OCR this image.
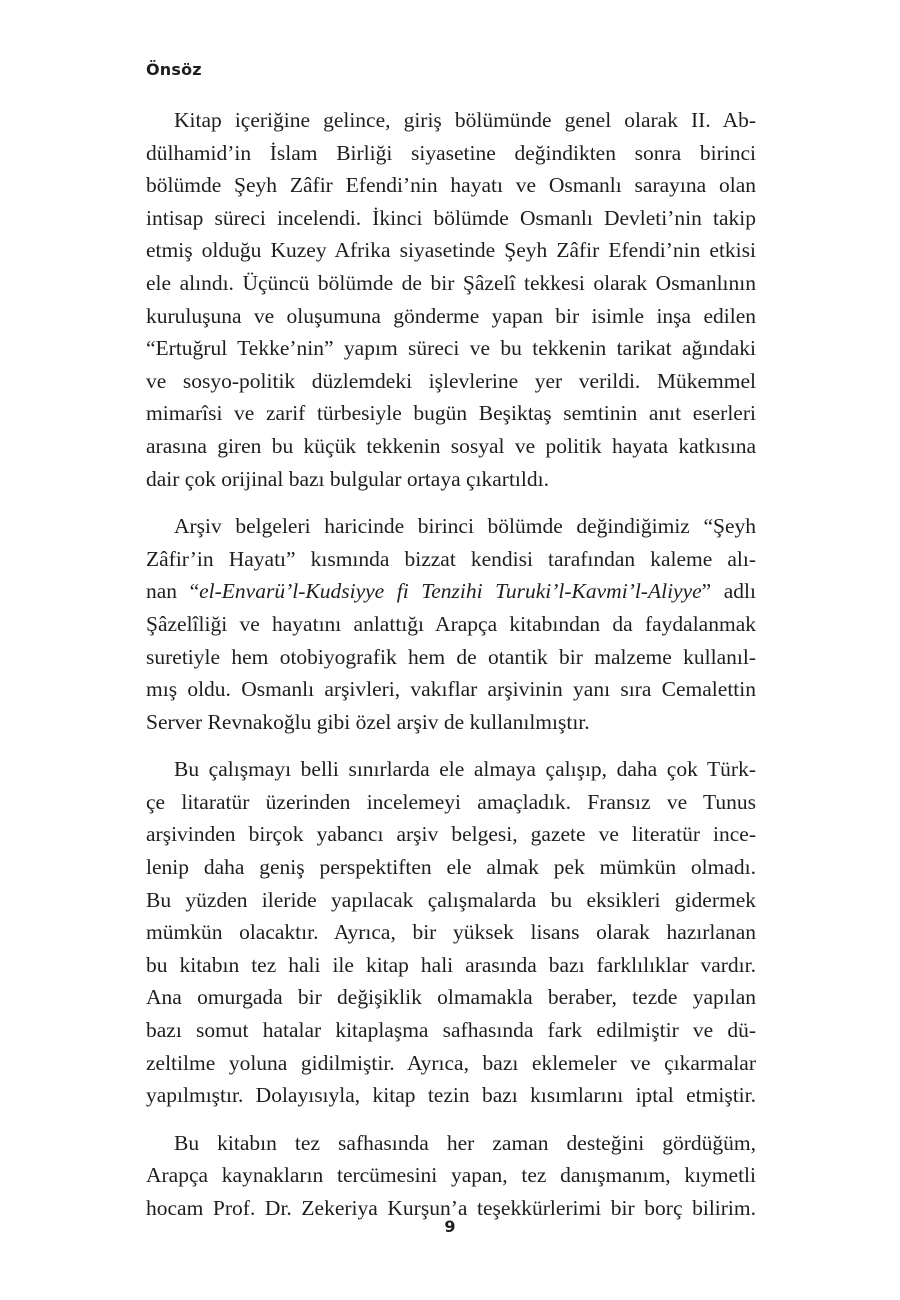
Önsöz

Kitap içeriğine gelince, giriş bölümünde genel olarak II. Ab-
dülhamid’in İslam Birliği siyasetine değindikten sonra birinci
bölümde Şeyh Zâfir Efendi’nin hayatı ve Osmanlı sarayına olan
intisap süreci incelendi. İkinci bölümde Osmanlı Devleti’nin takip
etmiş olduğu Kuzey Afrika siyasetinde Şeyh Zâfir Efendi’nin etkisi
ele alındı. Üçüncü bölümde de bir Şâzelî tekkesi olarak Osmanlının
kuruluşuna ve oluşumuna gönderme yapan bir isimle inşa edilen
“Ertuğrul Tekke’nin” yapım süreci ve bu tekkenin tarikat ağındaki
ve sosyo-politik düzlemdeki işlevlerine yer verildi. Mükemmel
mimarîsi ve zarif türbesiyle bugün Beşiktaş semtinin anıt eserleri
arasına giren bu küçük tekkenin sosyal ve politik hayata katkısına
dair çok orijinal bazı bulgular ortaya çıkartıldı.

Arşiv belgeleri haricinde birinci bölümde değindiğimiz “Şeyh
Zâfir’in Hayatı” kısmında bizzat kendisi tarafından kaleme alı-
nan “el-Envarü’l-Kudsiyye fi Tenzihi Turuki’l-Kavmi’l-Aliyye” adlı
Şâzelîliği ve hayatını anlattığı Arapça kitabından da faydalanmak
suretiyle hem otobiyografik hem de otantik bir malzeme kullanıl-
mış oldu. Osmanlı arşivleri, vakıflar arşivinin yanı sıra Cemalettin
Server Revnakoğlu gibi özel arşiv de kullanılmıştır.

Bu çalışmayı belli sınırlarda ele almaya çalışıp, daha çok Türk-
çe litaratür üzerinden incelemeyi amaçladık. Fransız ve Tunus
arşivinden birçok yabancı arşiv belgesi, gazete ve literatür ince-
lenip daha geniş perspektiften ele almak pek mümkün olmadı.
Bu yüzden ileride yapılacak çalışmalarda bu eksikleri gidermek
mümkün olacaktır. Ayrıca, bir yüksek lisans olarak hazırlanan
bu kitabın tez hali ile kitap hali arasında bazı farklılıklar vardır.
Ana omurgada bir değişiklik olmamakla beraber, tezde yapılan
bazı somut hatalar kitaplaşma safhasında fark edilmiştir ve dü-
zeltilme yoluna gidilmiştir. Ayrıca, bazı eklemeler ve çıkarmalar
yapılmıştır. Dolayısıyla, kitap tezin bazı kısımlarını iptal etmiştir.

Bu kitabın tez safhasında her zaman desteğini gördüğüm,
Arapça kaynakların tercümesini yapan, tez danışmanım, kıymetli
hocam Prof. Dr. Zekeriya Kurşun’a teşekkürlerimi bir borç bilirim.

9
